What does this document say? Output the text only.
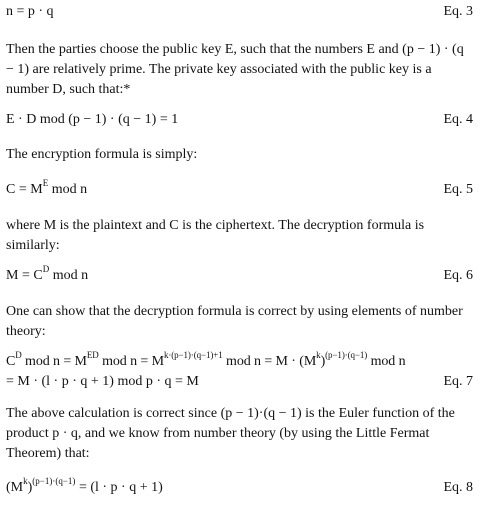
n = p · q	Eq. 3
Then the parties choose the public key E, such that the numbers E and (p − 1) · (q − 1) are relatively prime. The private key associated with the public key is a number D, such that:*
E · D mod (p − 1) · (q − 1) = 1	Eq. 4
The encryption formula is simply:
$C = M^E$ mod n	Eq. 5
where M is the plaintext and C is the ciphertext. The decryption formula is similarly:
$M = C^D$ mod n	Eq. 6
One can show that the decryption formula is correct by using elements of number theory:
$C^D$ mod $n = M^{ED}$ mod $n = M^{k\cdot(p-1)\cdot(q-1)+1}$ mod $n = M \cdot (M^k)^{(p-1)\cdot(q-1)}$ mod n
= M · (l · p · q + 1) mod p · q = M	Eq. 7
The above calculation is correct since (p − 1)·(q − 1) is the Euler function of the product p · q, and we know from number theory (by using the Little Fermat Theorem) that:
$(M^k)^{(p-1)\cdot(q-1)} = (l \cdot p \cdot q + 1)$	Eq. 8
